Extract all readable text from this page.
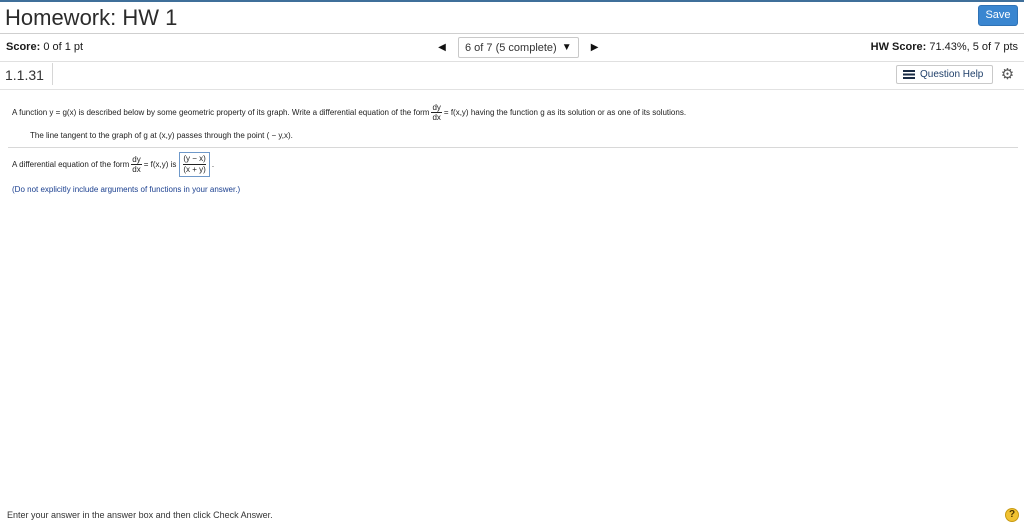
Homework: HW 1	Save
Score: 0 of 1 pt	◀	6 of 7 (5 complete) ▼	▶	HW Score: 71.43%, 5 of 7 pts
1.1.31	Question Help ⚙
A function y = g(x) is described below by some geometric property of its graph. Write a differential equation of the form $\frac{dy}{dx} = f(x,y)$ having the function g as its solution or as one of its solutions.
The line tangent to the graph of g at (x,y) passes through the point ( − y,x).
A differential equation of the form $\frac{dy}{dx} = f(x,y)$ is $\frac{(y - x)}{(x + y)}$ .
(Do not explicitly include arguments of functions in your answer.)
Enter your answer in the answer box and then click Check Answer.	?
